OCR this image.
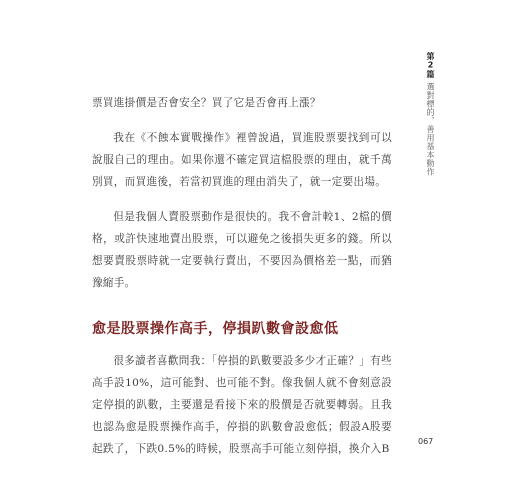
第2篇選對標的，善用基本動作

票買進掛價是否會安全？買了它是否會再上漲？

我在《不蝕本實戰操作》裡曾說過，買進股票要找到可以說服自己的理由。如果你還不確定買這檔股票的理由，就千萬別買，而買進後，若當初買進的理由消失了，就一定要出場。

但是我個人賣股票動作是很快的。我不會計較1、2檔的價格，或許快速地賣出股票，可以避免之後損失更多的錢。所以想要賣股票時就一定要執行賣出，不要因為價格差一點，而猶豫縮手。

愈是股票操作高手，停損趴數會設愈低

很多讀者喜歡問我：「停損的趴數要設多少才正確？」有些高手設10%，這可能對、也可能不對。像我個人就不會刻意設定停損的趴數，主要還是看接下來的股價是否就要轉弱。且我也認為愈是股票操作高手，停損的趴數會設愈低；假設A股要起跌了，下跌0.5%的時候，股票高手可能立刻停損，換介入B

067
